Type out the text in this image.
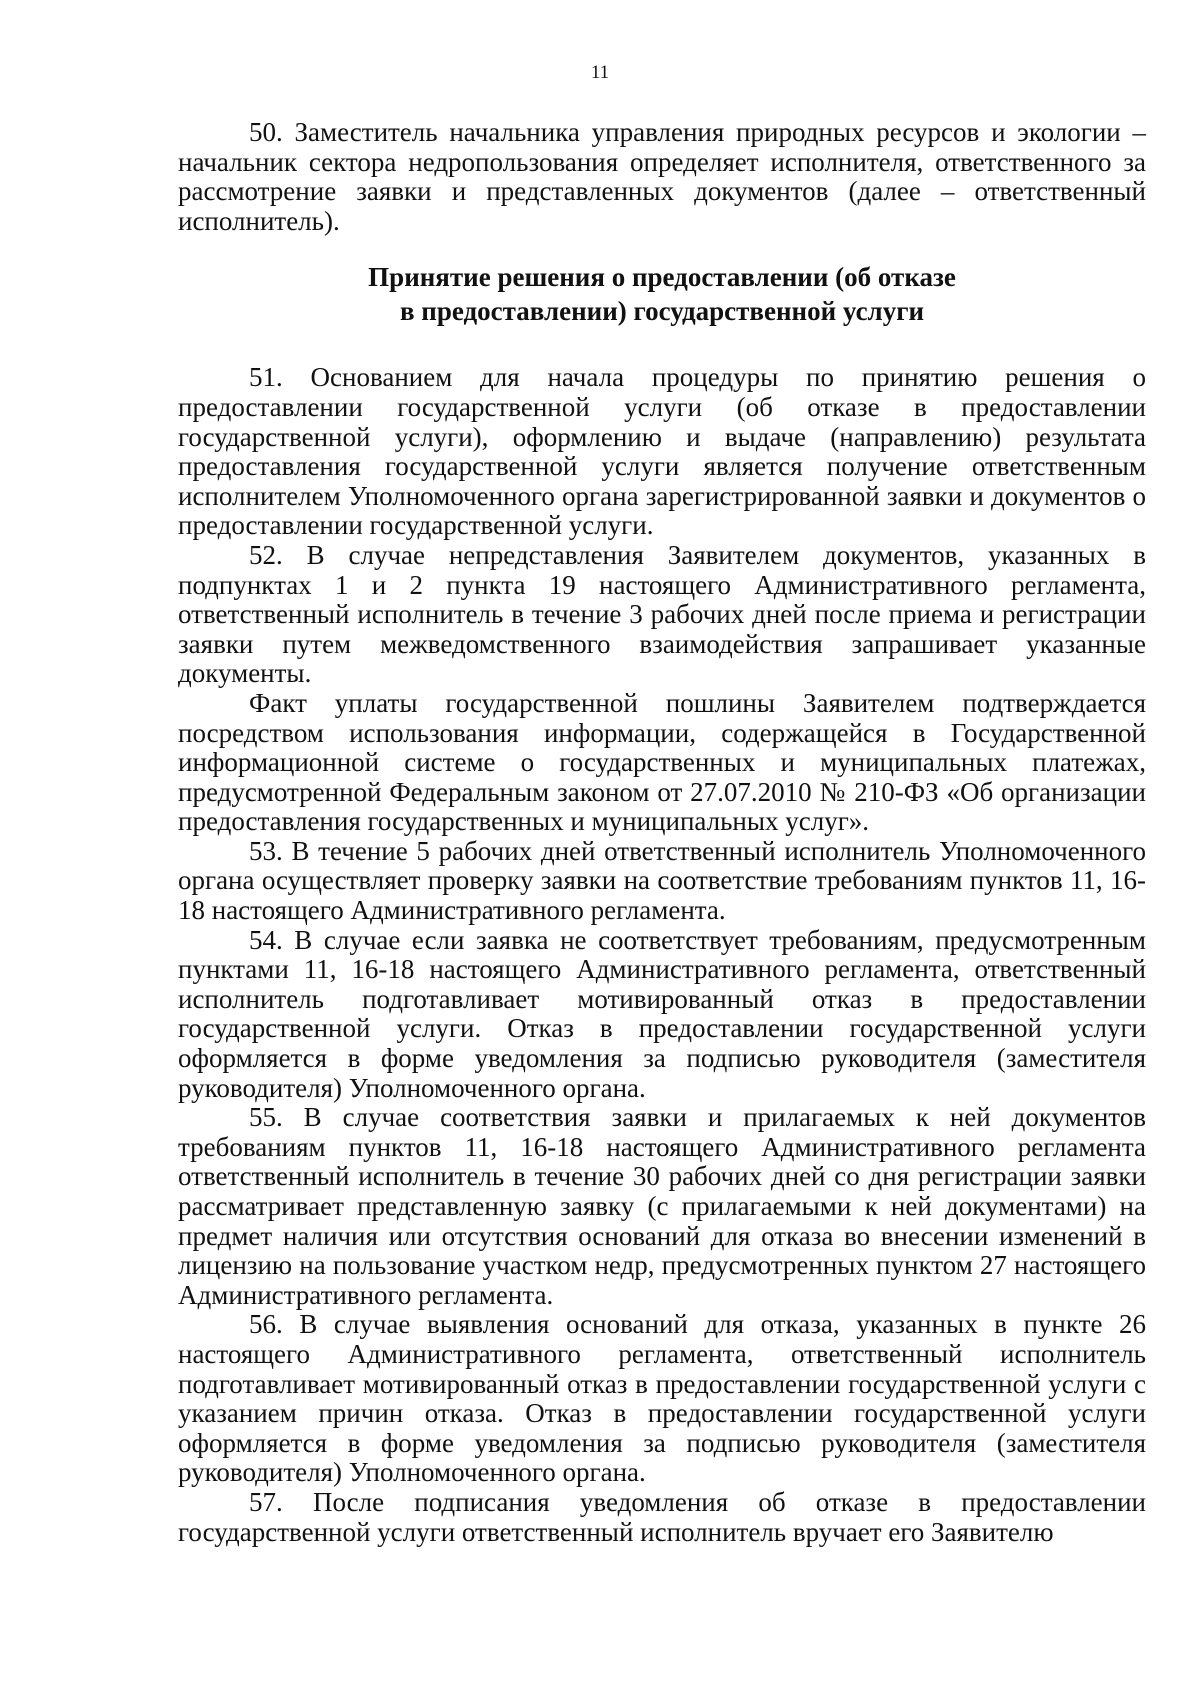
11

50. Заместитель начальника управления природных ресурсов и экологии – начальник сектора недропользования определяет исполнителя, ответственного за рассмотрение заявки и представленных документов (далее – ответственный исполнитель).

Принятие решения о предоставлении (об отказе
в предоставлении) государственной услуги

51. Основанием для начала процедуры по принятию решения о предоставлении государственной услуги (об отказе в предоставлении государственной услуги), оформлению и выдаче (направлению) результата предоставления государственной услуги является получение ответственным исполнителем Уполномоченного органа зарегистрированной заявки и документов о предоставлении государственной услуги.

52. В случае непредставления Заявителем документов, указанных в подпунктах 1 и 2 пункта 19 настоящего Административного регламента, ответственный исполнитель в течение 3 рабочих дней после приема и регистрации заявки путем межведомственного взаимодействия запрашивает указанные документы.

Факт уплаты государственной пошлины Заявителем подтверждается посредством использования информации, содержащейся в Государственной информационной системе о государственных и муниципальных платежах, предусмотренной Федеральным законом от 27.07.2010 № 210-ФЗ «Об организации предоставления государственных и муниципальных услуг».

53. В течение 5 рабочих дней ответственный исполнитель Уполномоченного органа осуществляет проверку заявки на соответствие требованиям пунктов 11, 16-18 настоящего Административного регламента.

54. В случае если заявка не соответствует требованиям, предусмотренным пунктами 11, 16-18 настоящего Административного регламента, ответственный исполнитель подготавливает мотивированный отказ в предоставлении государственной услуги. Отказ в предоставлении государственной услуги оформляется в форме уведомления за подписью руководителя (заместителя руководителя) Уполномоченного органа.

55. В случае соответствия заявки и прилагаемых к ней документов требованиям пунктов 11, 16-18 настоящего Административного регламента ответственный исполнитель в течение 30 рабочих дней со дня регистрации заявки рассматривает представленную заявку (с прилагаемыми к ней документами) на предмет наличия или отсутствия оснований для отказа во внесении изменений в лицензию на пользование участком недр, предусмотренных пунктом 27 настоящего Административного регламента.

56. В случае выявления оснований для отказа, указанных в пункте 26 настоящего Административного регламента, ответственный исполнитель подготавливает мотивированный отказ в предоставлении государственной услуги с указанием причин отказа. Отказ в предоставлении государственной услуги оформляется в форме уведомления за подписью руководителя (заместителя руководителя) Уполномоченного органа.

57. После подписания уведомления об отказе в предоставлении государственной услуги ответственный исполнитель вручает его Заявителю
